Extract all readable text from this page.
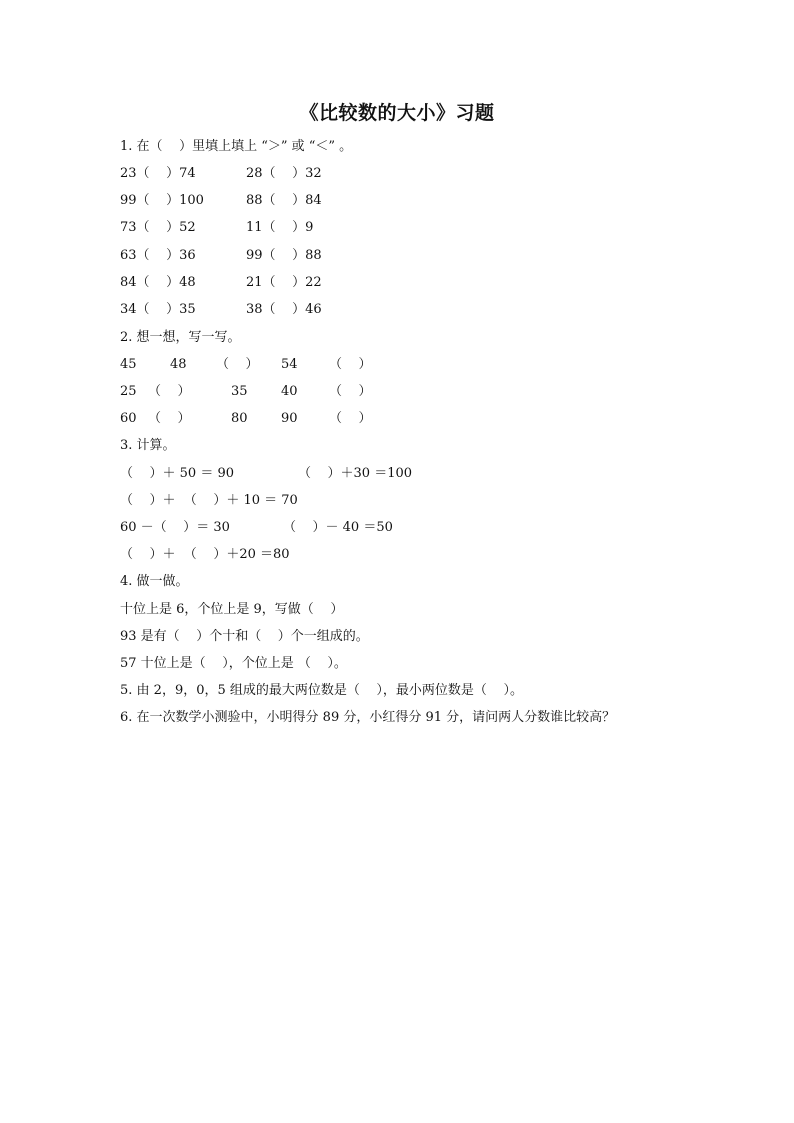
《比较数的大小》习题
1. 在（    ）里填上填上 “＞” 或 “＜” 。
23（    ）74	28（    ）32
99（    ）100	88（    ）84
73（    ）52	11（    ）9
63（    ）36	99（    ）88
84（    ）48	21（    ）22
34（    ）35	38（    ）46
2. 想一想，写一写。
45	48 （    ） 54 （    ）
25 （    ）	35	40 （    ）
60 （    ）	80	90 （    ）
3. 计算。
（    ）＋ 50 ＝ 90	（    ）＋30 ＝100
（    ）＋  （    ）＋ 10 ＝ 70
60 －（    ）＝ 30	（    ）－ 40 ＝50
（    ）＋  （    ）＋20 ＝80
4. 做一做。
十位上是 6，个位上是 9，写做（    ）
93 是有（    ）个十和（    ）个一组成的。
57 十位上是（    ），个位上是 （    ）。
5. 由 2，9，0，5 组成的最大两位数是（    ），最小两位数是（    ）。
6. 在一次数学小测验中，小明得分 89 分，小红得分 91 分，请问两人分数谁比较高？
